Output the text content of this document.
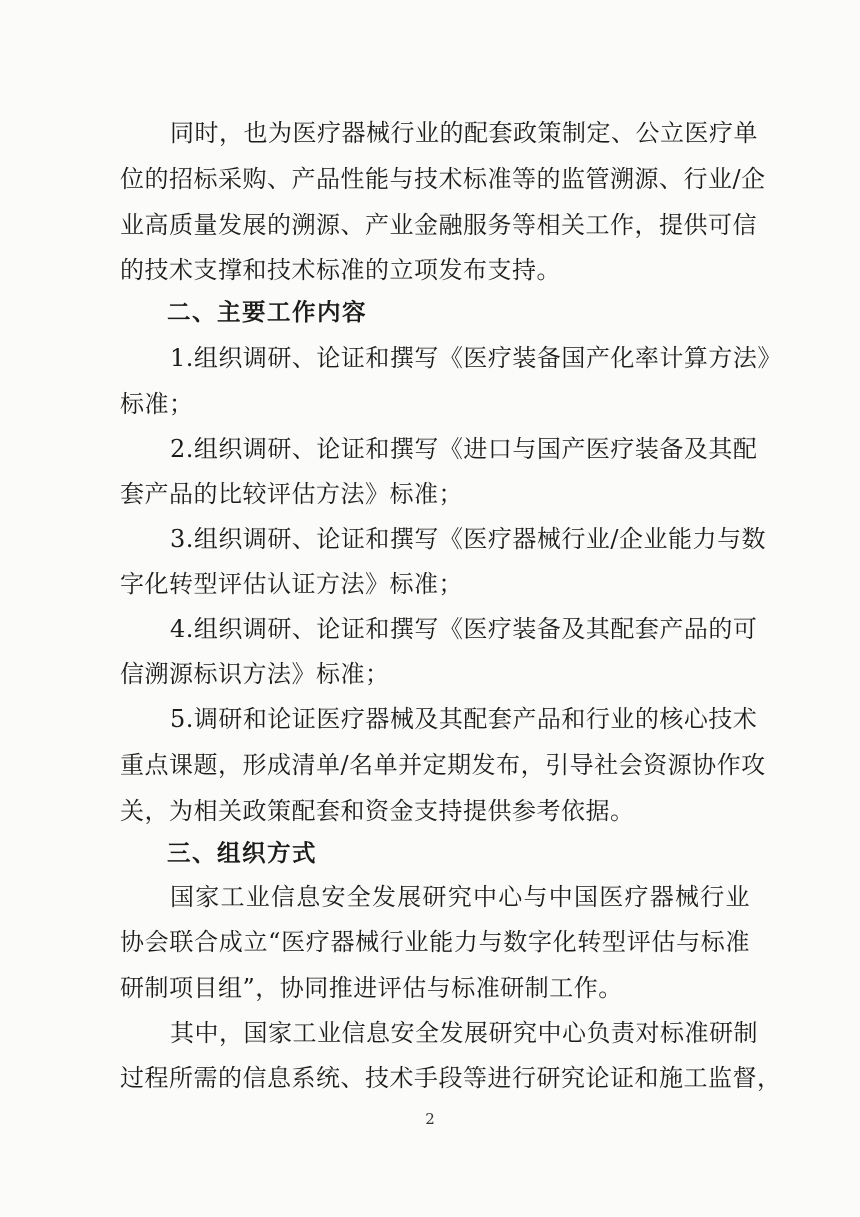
同时，也为医疗器械行业的配套政策制定、公立医疗单
位的招标采购、产品性能与技术标准等的监管溯源、行业/企
业高质量发展的溯源、产业金融服务等相关工作，提供可信
的技术支撑和技术标准的立项发布支持。
二、主要工作内容
1.组织调研、论证和撰写《医疗装备国产化率计算方法》
标准；
2.组织调研、论证和撰写《进口与国产医疗装备及其配
套产品的比较评估方法》标准；
3.组织调研、论证和撰写《医疗器械行业/企业能力与数
字化转型评估认证方法》标准；
4.组织调研、论证和撰写《医疗装备及其配套产品的可
信溯源标识方法》标准；
5.调研和论证医疗器械及其配套产品和行业的核心技术
重点课题，形成清单/名单并定期发布，引导社会资源协作攻
关，为相关政策配套和资金支持提供参考依据。
三、组织方式
国家工业信息安全发展研究中心与中国医疗器械行业
协会联合成立“医疗器械行业能力与数字化转型评估与标准
研制项目组”，协同推进评估与标准研制工作。
其中，国家工业信息安全发展研究中心负责对标准研制
过程所需的信息系统、技术手段等进行研究论证和施工监督，
2
